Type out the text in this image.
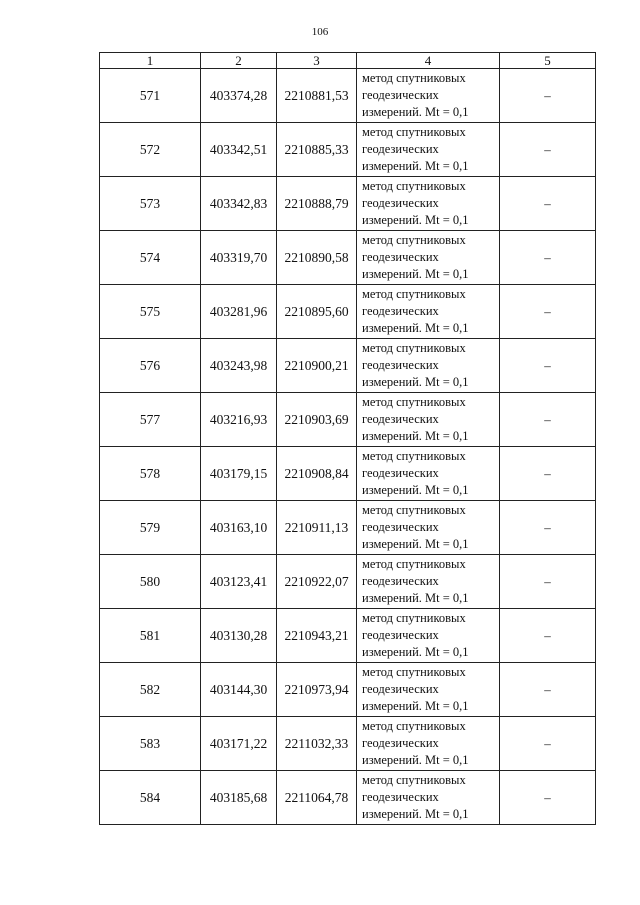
106
1	2	3	4	5
571	403374,28	2210881,53	метод спутниковых
геодезических
измерений. Mt = 0,1	–
572	403342,51	2210885,33	метод спутниковых
геодезических
измерений. Mt = 0,1	–
573	403342,83	2210888,79	метод спутниковых
геодезических
измерений. Mt = 0,1	–
574	403319,70	2210890,58	метод спутниковых
геодезических
измерений. Mt = 0,1	–
575	403281,96	2210895,60	метод спутниковых
геодезических
измерений. Mt = 0,1	–
576	403243,98	2210900,21	метод спутниковых
геодезических
измерений. Mt = 0,1	–
577	403216,93	2210903,69	метод спутниковых
геодезических
измерений. Mt = 0,1	–
578	403179,15	2210908,84	метод спутниковых
геодезических
измерений. Mt = 0,1	–
579	403163,10	2210911,13	метод спутниковых
геодезических
измерений. Mt = 0,1	–
580	403123,41	2210922,07	метод спутниковых
геодезических
измерений. Mt = 0,1	–
581	403130,28	2210943,21	метод спутниковых
геодезических
измерений. Mt = 0,1	–
582	403144,30	2210973,94	метод спутниковых
геодезических
измерений. Mt = 0,1	–
583	403171,22	2211032,33	метод спутниковых
геодезических
измерений. Mt = 0,1	–
584	403185,68	2211064,78	метод спутниковых
геодезических
измерений. Mt = 0,1	–
